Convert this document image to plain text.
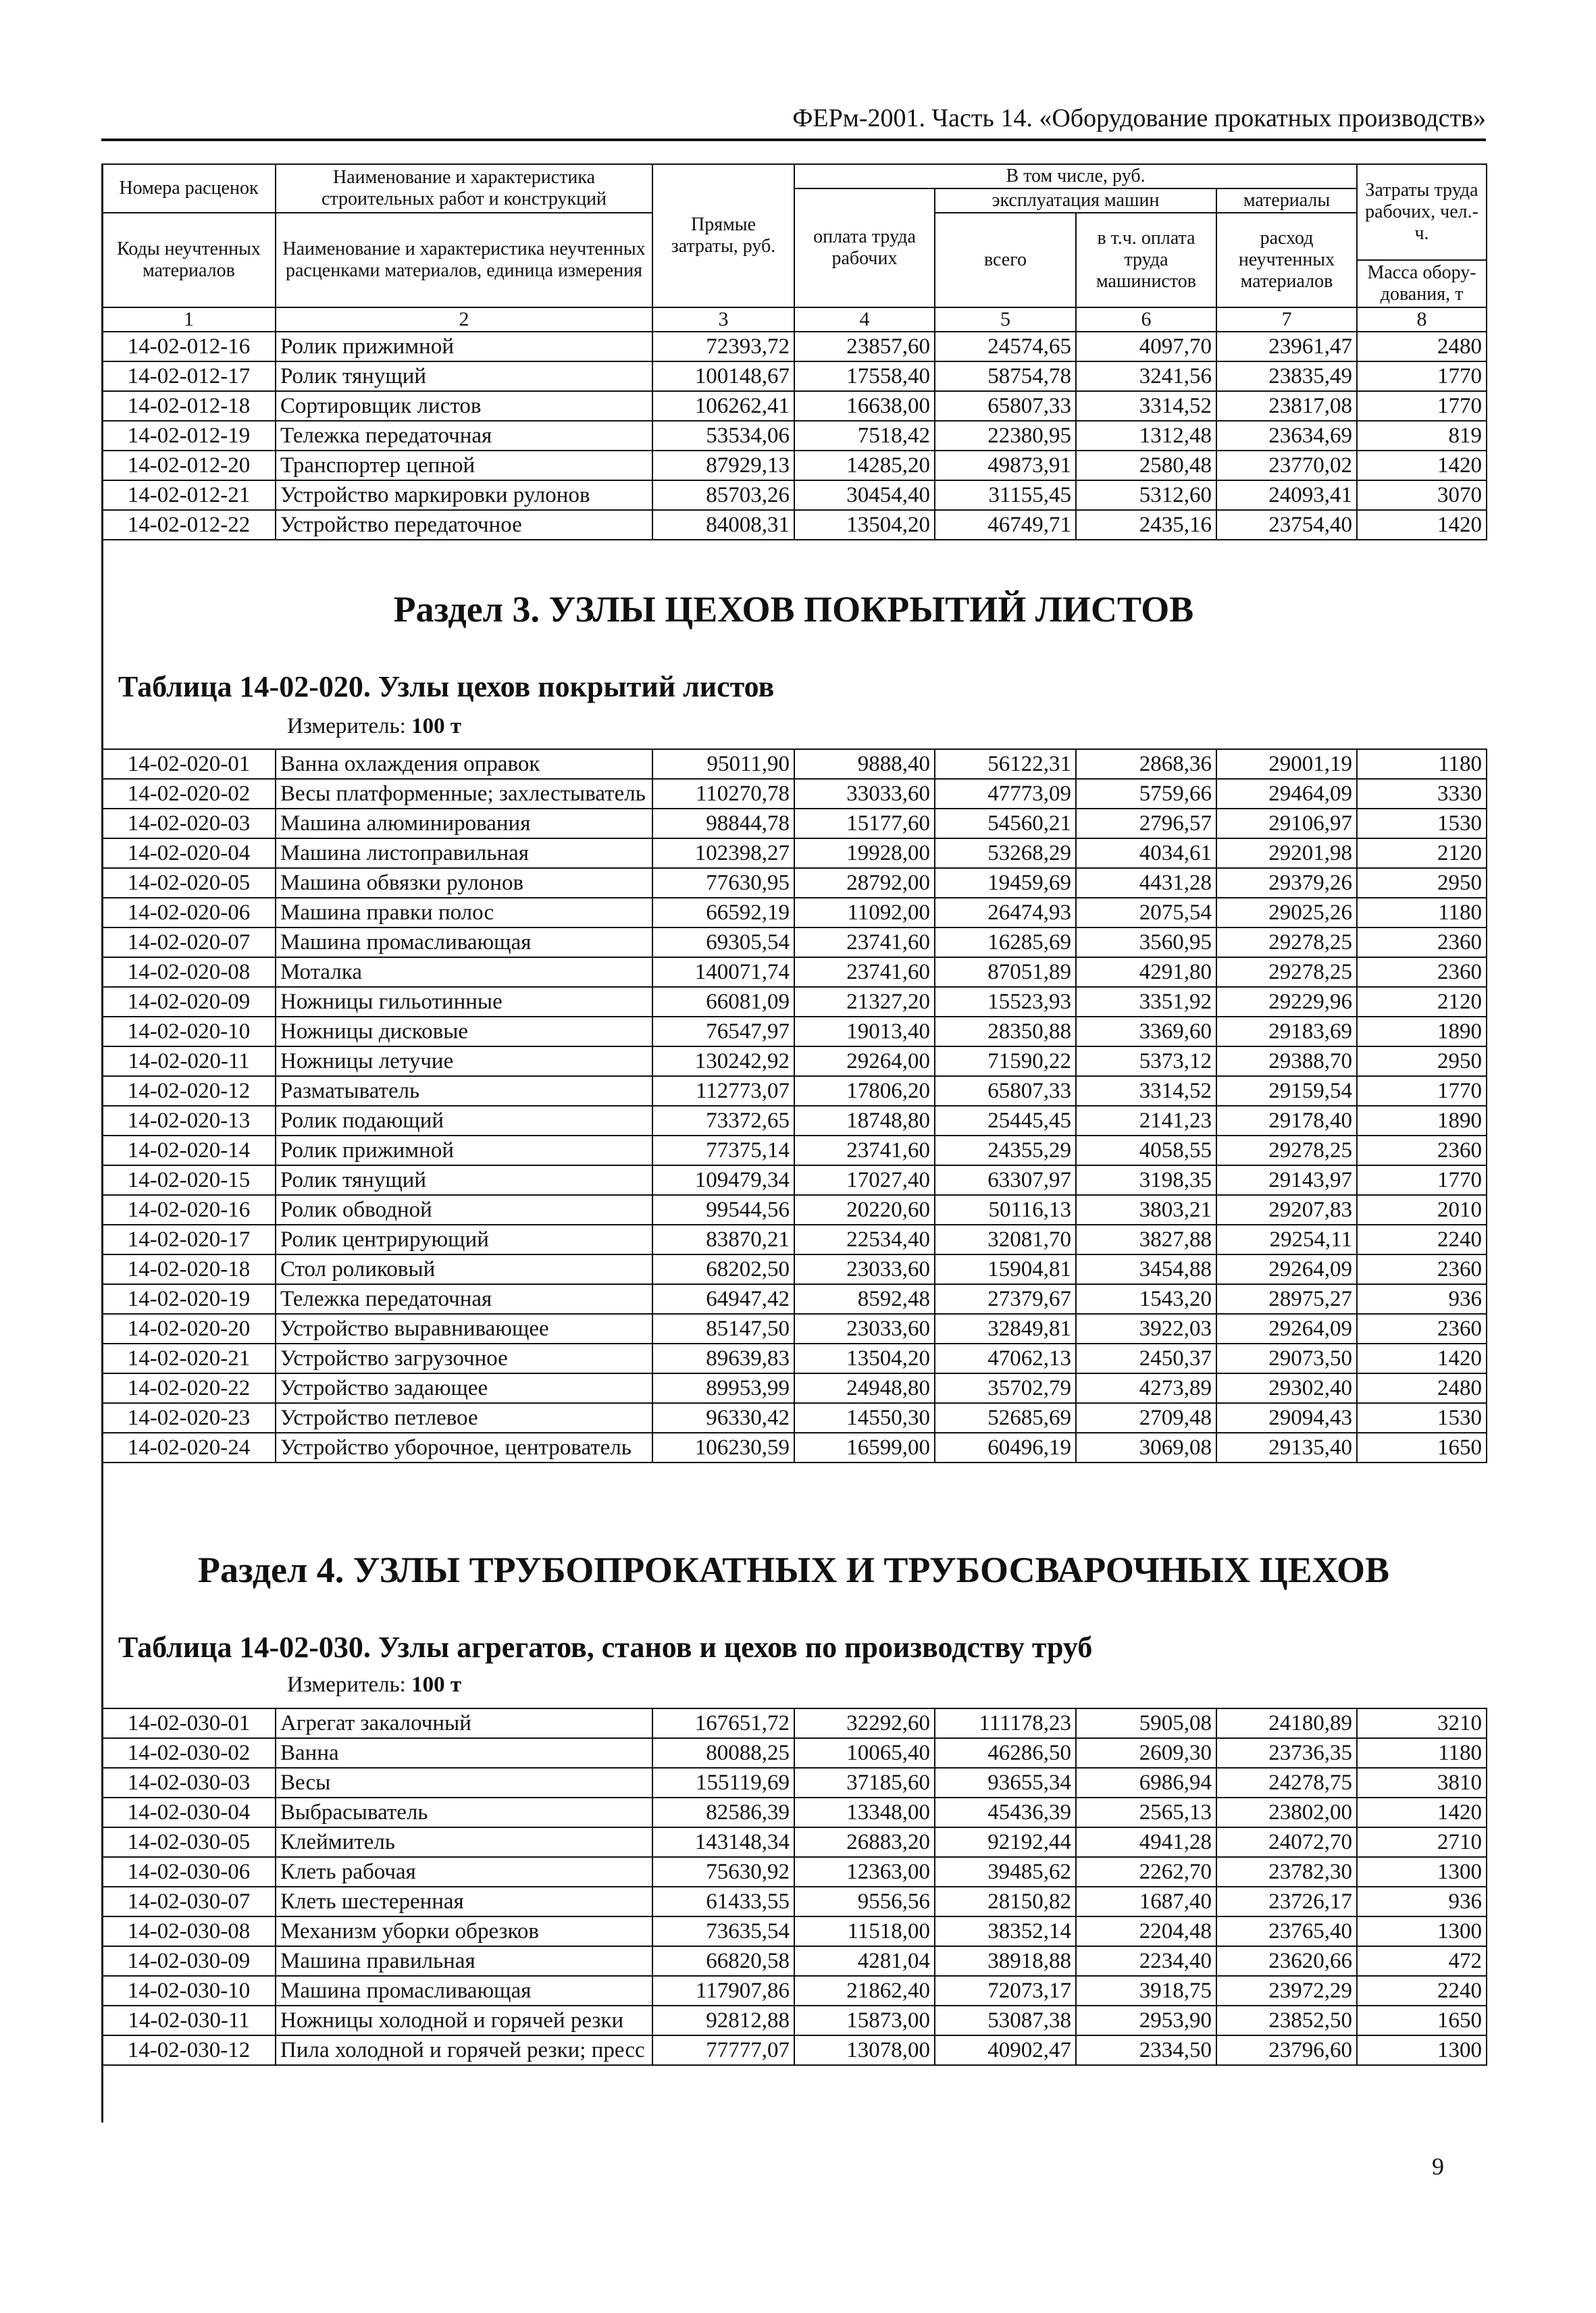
ФЕРм-2001. Часть 14. «Оборудование прокатных производств»
Номера расценок	Наименование и характеристика строительных работ и конструкций	Прямые затраты, руб.	В том числе, руб.				Затраты труда рабочих, чел.-ч.
			оплата труда рабочих	эксплуатация машин		материалы	
Коды неучтенных материалов	Наименование и характеристика неучтенных расценками материалов, единица измерения			всего	в т.ч. оплата труда машинистов	расход неучтенных материалов	
							Масса обору-дования, т
1	2	3	4	5	6	7	8
14-02-012-16	Ролик прижимной	72393,72	23857,60	24574,65	4097,70	23961,47	2480
14-02-012-17	Ролик тянущий	100148,67	17558,40	58754,78	3241,56	23835,49	1770
14-02-012-18	Сортировщик листов	106262,41	16638,00	65807,33	3314,52	23817,08	1770
14-02-012-19	Тележка передаточная	53534,06	7518,42	22380,95	1312,48	23634,69	819
14-02-012-20	Транспортер цепной	87929,13	14285,20	49873,91	2580,48	23770,02	1420
14-02-012-21	Устройство маркировки рулонов	85703,26	30454,40	31155,45	5312,60	24093,41	3070
14-02-012-22	Устройство передаточное	84008,31	13504,20	46749,71	2435,16	23754,40	1420
Раздел 3. УЗЛЫ ЦЕХОВ ПОКРЫТИЙ ЛИСТОВ
Таблица 14-02-020. Узлы цехов покрытий листов
Измеритель: 100 т
14-02-020-01	Ванна охлаждения оправок	95011,90	9888,40	56122,31	2868,36	29001,19	1180
14-02-020-02	Весы платформенные; захлестыватель	110270,78	33033,60	47773,09	5759,66	29464,09	3330
14-02-020-03	Машина алюминирования	98844,78	15177,60	54560,21	2796,57	29106,97	1530
14-02-020-04	Машина листоправильная	102398,27	19928,00	53268,29	4034,61	29201,98	2120
14-02-020-05	Машина обвязки рулонов	77630,95	28792,00	19459,69	4431,28	29379,26	2950
14-02-020-06	Машина правки полос	66592,19	11092,00	26474,93	2075,54	29025,26	1180
14-02-020-07	Машина промасливающая	69305,54	23741,60	16285,69	3560,95	29278,25	2360
14-02-020-08	Моталка	140071,74	23741,60	87051,89	4291,80	29278,25	2360
14-02-020-09	Ножницы гильотинные	66081,09	21327,20	15523,93	3351,92	29229,96	2120
14-02-020-10	Ножницы дисковые	76547,97	19013,40	28350,88	3369,60	29183,69	1890
14-02-020-11	Ножницы летучие	130242,92	29264,00	71590,22	5373,12	29388,70	2950
14-02-020-12	Разматыватель	112773,07	17806,20	65807,33	3314,52	29159,54	1770
14-02-020-13	Ролик подающий	73372,65	18748,80	25445,45	2141,23	29178,40	1890
14-02-020-14	Ролик прижимной	77375,14	23741,60	24355,29	4058,55	29278,25	2360
14-02-020-15	Ролик тянущий	109479,34	17027,40	63307,97	3198,35	29143,97	1770
14-02-020-16	Ролик обводной	99544,56	20220,60	50116,13	3803,21	29207,83	2010
14-02-020-17	Ролик центрирующий	83870,21	22534,40	32081,70	3827,88	29254,11	2240
14-02-020-18	Стол роликовый	68202,50	23033,60	15904,81	3454,88	29264,09	2360
14-02-020-19	Тележка передаточная	64947,42	8592,48	27379,67	1543,20	28975,27	936
14-02-020-20	Устройство выравнивающее	85147,50	23033,60	32849,81	3922,03	29264,09	2360
14-02-020-21	Устройство загрузочное	89639,83	13504,20	47062,13	2450,37	29073,50	1420
14-02-020-22	Устройство задающее	89953,99	24948,80	35702,79	4273,89	29302,40	2480
14-02-020-23	Устройство петлевое	96330,42	14550,30	52685,69	2709,48	29094,43	1530
14-02-020-24	Устройство уборочное, центрователь	106230,59	16599,00	60496,19	3069,08	29135,40	1650
Раздел 4. УЗЛЫ ТРУБОПРОКАТНЫХ И ТРУБОСВАРОЧНЫХ ЦЕХОВ
Таблица 14-02-030. Узлы агрегатов, станов и цехов по производству труб
Измеритель: 100 т
14-02-030-01	Агрегат закалочный	167651,72	32292,60	111178,23	5905,08	24180,89	3210
14-02-030-02	Ванна	80088,25	10065,40	46286,50	2609,30	23736,35	1180
14-02-030-03	Весы	155119,69	37185,60	93655,34	6986,94	24278,75	3810
14-02-030-04	Выбрасыватель	82586,39	13348,00	45436,39	2565,13	23802,00	1420
14-02-030-05	Клеймитель	143148,34	26883,20	92192,44	4941,28	24072,70	2710
14-02-030-06	Клеть рабочая	75630,92	12363,00	39485,62	2262,70	23782,30	1300
14-02-030-07	Клеть шестеренная	61433,55	9556,56	28150,82	1687,40	23726,17	936
14-02-030-08	Механизм уборки обрезков	73635,54	11518,00	38352,14	2204,48	23765,40	1300
14-02-030-09	Машина правильная	66820,58	4281,04	38918,88	2234,40	23620,66	472
14-02-030-10	Машина промасливающая	117907,86	21862,40	72073,17	3918,75	23972,29	2240
14-02-030-11	Ножницы холодной и горячей резки	92812,88	15873,00	53087,38	2953,90	23852,50	1650
14-02-030-12	Пила холодной и горячей резки; пресс	77777,07	13078,00	40902,47	2334,50	23796,60	1300
9
